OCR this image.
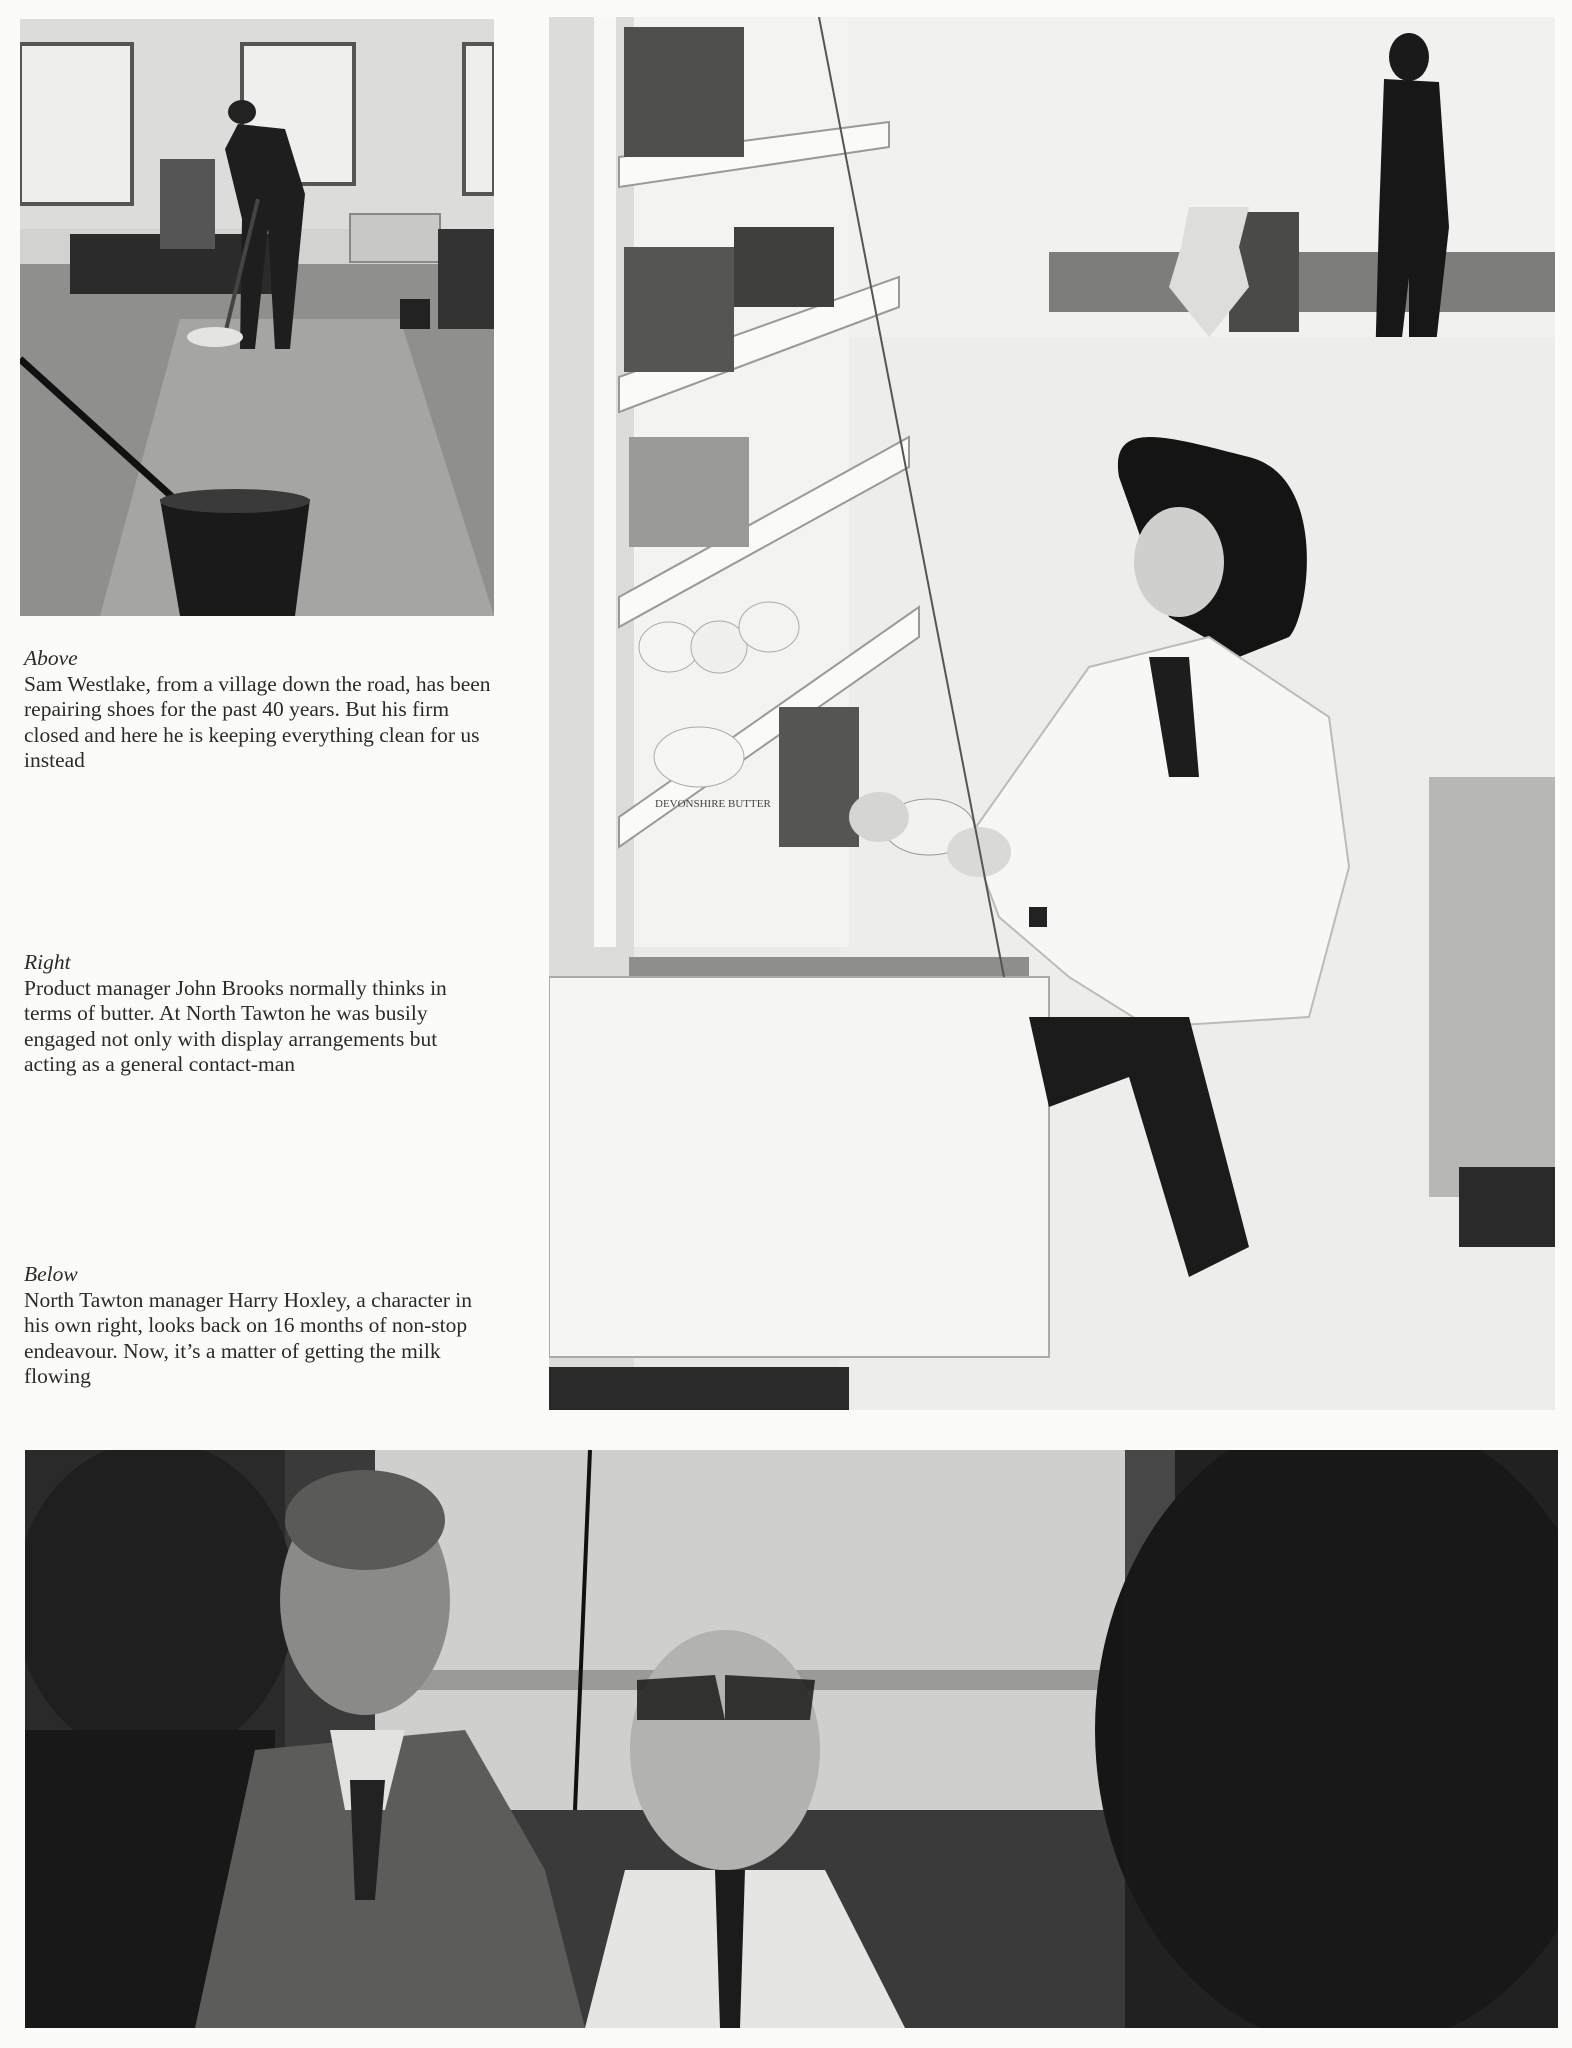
DEVONSHIRE BUTTER
Above
Sam Westlake, from a village down the road, has been repairing shoes for the past 40 years. But his firm closed and here he is keeping everything clean for us instead
Right
Product manager John Brooks normally thinks in terms of butter. At North Tawton he was busily engaged not only with display arrangements but acting as a general contact-man
Below
North Tawton manager Harry Hoxley, a character in his own right, looks back on 16 months of non-stop endeavour. Now, it’s a matter of getting the milk flowing
